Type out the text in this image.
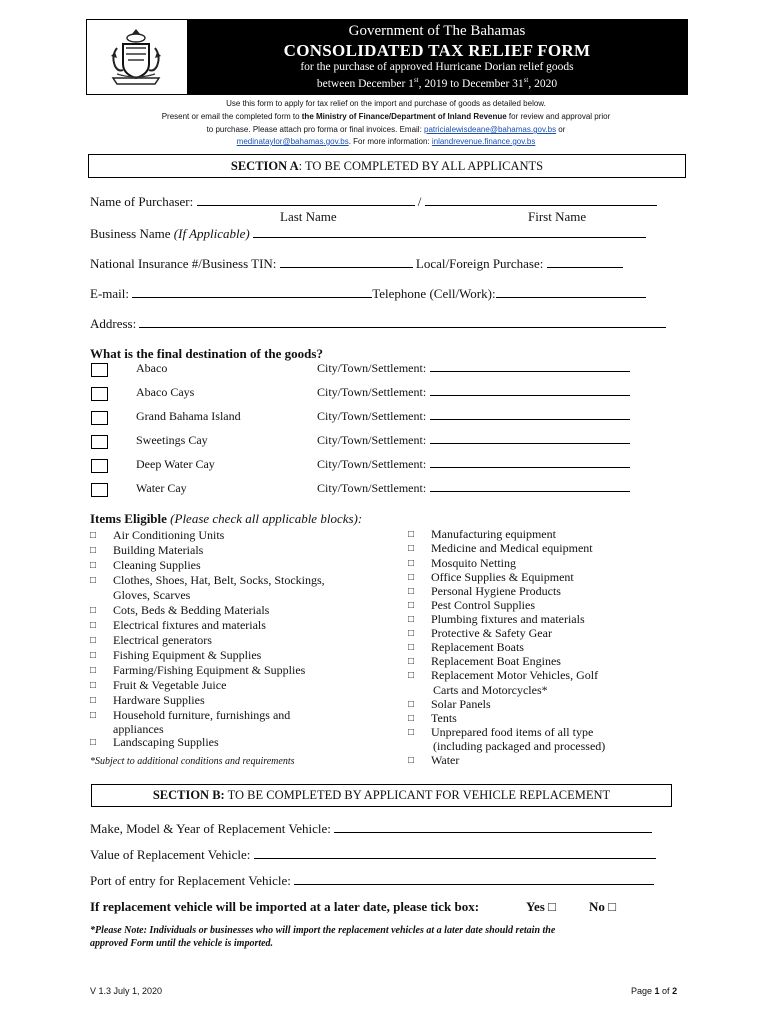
Government of The Bahamas
CONSOLIDATED TAX RELIEF FORM
for the purchase of approved Hurricane Dorian relief goods
between December 1st, 2019 to December 31st, 2020
Use this form to apply for tax relief on the import and purchase of goods as detailed below.
Present or email the completed form to the Ministry of Finance/Department of Inland Revenue for review and approval prior
to purchase. Please attach pro forma or final invoices. Email: patricialewisdeane@bahamas.gov.bs or
medinataylor@bahamas.gov.bs. For more information: inlandrevenue.finance.gov.bs
SECTION A: TO BE COMPLETED BY ALL APPLICANTS
Name of Purchaser:	/
Last Name	First Name
Business Name (If Applicable)
National Insurance #/Business TIN:	Local/Foreign Purchase:
E-mail:	Telephone (Cell/Work):
Address:
What is the final destination of the goods?
Abaco	City/Town/Settlement:
Abaco Cays	City/Town/Settlement:
Grand Bahama Island	City/Town/Settlement:
Sweetings Cay	City/Town/Settlement:
Deep Water Cay	City/Town/Settlement:
Water Cay	City/Town/Settlement:
Items Eligible (Please check all applicable blocks):
□ Air Conditioning Units
□ Building Materials
□ Cleaning Supplies
□ Clothes, Shoes, Hat, Belt, Socks, Stockings,
□ Cots, Beds & Bedding Materials
□ Electrical fixtures and materials
□ Electrical generators
□ Fishing Equipment & Supplies
□ Farming/Fishing Equipment & Supplies
□ Fruit & Vegetable Juice
□ Hardware Supplies
□ Household furniture, furnishings and
□ Landscaping Supplies
Gloves, Scarves
appliances
□ Manufacturing equipment
□ Medicine and Medical equipment
□ Mosquito Netting
□ Office Supplies & Equipment
□ Personal Hygiene Products
□ Pest Control Supplies
□ Plumbing fixtures and materials
□ Protective & Safety Gear
□ Replacement Boats
□ Replacement Boat Engines
□ Replacement Motor Vehicles, Golf
□ Solar Panels
□ Tents
□ Unprepared food items of all type
□ Water
Carts and Motorcycles*
(including packaged and processed)
*Subject to additional conditions and requirements
SECTION B: TO BE COMPLETED BY APPLICANT FOR VEHICLE REPLACEMENT
Make, Model & Year of Replacement Vehicle:
Value of Replacement Vehicle:
Port of entry for Replacement Vehicle:
If replacement vehicle will be imported at a later date, please tick box:	Yes □	No □
*Please Note: Individuals or businesses who will import the replacement vehicles at a later date should retain the
approved Form until the vehicle is imported.
V 1.3 July 1, 2020	Page 1 of 2
